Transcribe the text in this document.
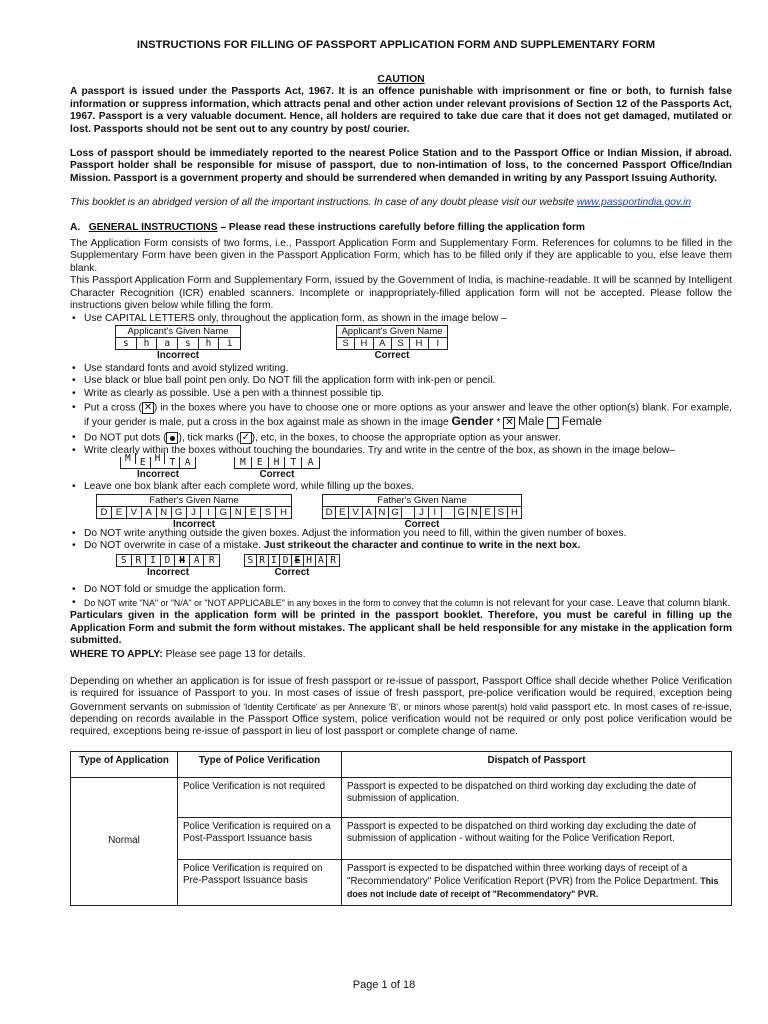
INSTRUCTIONS FOR FILLING OF PASSPORT APPLICATION FORM AND SUPPLEMENTARY FORM
CAUTION
A passport is issued under the Passports Act, 1967. It is an offence punishable with imprisonment or fine or both, to furnish false information or suppress information, which attracts penal and other action under relevant provisions of Section 12 of the Passports Act, 1967. Passport is a very valuable document. Hence, all holders are required to take due care that it does not get damaged, mutilated or lost. Passports should not be sent out to any country by post/ courier.
Loss of passport should be immediately reported to the nearest Police Station and to the Passport Office or Indian Mission, if abroad. Passport holder shall be responsible for misuse of passport, due to non-intimation of loss, to the concerned Passport Office/Indian Mission. Passport is a government property and should be surrendered when demanded in writing by any Passport Issuing Authority.
This booklet is an abridged version of all the important instructions. In case of any doubt please visit our website www.passportindia.gov.in
A. GENERAL INSTRUCTIONS – Please read these instructions carefully before filling the application form
The Application Form consists of two forms, i.e., Passport Application Form and Supplementary Form. References for columns to be filled in the Supplementary Form have been given in the Passport Application Form, which has to be filled only if they are applicable to you, else leave them blank.
This Passport Application Form and Supplementary Form, issued by the Government of India, is machine-readable. It will be scanned by Intelligent Character Recognition (ICR) enabled scanners. Incomplete or inappropriately-filled application form will not be accepted. Please follow the instructions given below while filling the form.
• Use CAPITAL LETTERS only, throughout the application form, as shown in the image below –
Applicant's Given Name
s	h	a	s	h	i
Incorrect
Applicant's Given Name
S	H	A	S	H	I
Correct
• Use standard fonts and avoid stylized writing.
• Use black or blue ball point pen only. Do NOT fill the application form with ink-pen or pencil.
• Write as clearly as possible. Use a pen with a thinnest possible tip.
• Put a cross ( ✕ ) in the boxes where you have to choose one or more options as your answer and leave the other option(s) blank. For example, if your gender is male, put a cross in the box against male as shown in the image Gender * ✕ Male Female
• Do NOT put dots ( ), tick marks ( ✓ ), etc, in the boxes, to choose the appropriate option as your answer.
• Write clearly within the boxes without touching the boundaries. Try and write in the centre of the box, as shown in the image below–
M E H T	A
Incorrect
M	E	H	T	A
Correct
• Leave one box blank after each complete word, while filling up the boxes.
Father's Given Name
D E V A N G J	I	G N E S H
Incorrect
Father's Given Name
D E V A N G	J	I	G N E S H
Correct
• Do NOT write anything outside the given boxes. Adjust the information you need to fill, within the given number of boxes.
• Do NOT overwrite in case of a mistake. Just strikeout the character and continue to write in the next box.
S R I D H A R
Incorrect
S R I D E H A R
Correct
• Do NOT fold or smudge the application form.
• Do NOT write "NA" or "N/A" or "NOT APPLICABLE" in any boxes in the form to convey that the column is not relevant for your case. Leave that column blank.
Particulars given in the application form will be printed in the passport booklet. Therefore, you must be careful in filling up the Application Form and submit the form without mistakes. The applicant shall be held responsible for any mistake in the application form submitted.
WHERE TO APPLY: Please see page 13 for details.
Depending on whether an application is for issue of fresh passport or re-issue of passport, Passport Office shall decide whether Police Verification is required for issuance of Passport to you. In most cases of issue of fresh passport, pre-police verification would be required, exception being Government servants on submission of 'Identity Certificate' as per Annexure 'B', or minors whose parent(s) hold valid passport etc. In most cases of re-issue, depending on records available in the Passport Office system, police verification would not be required or only post police verification would be required, exceptions being re-issue of passport in lieu of lost passport or complete change of name.
Type of Application	Type of Police Verification	Dispatch of Passport
Normal	Police Verification is not required	Passport is expected to be dispatched on third working day excluding the date of submission of application.
	Police Verification is required on a Post-Passport Issuance basis	Passport is expected to be dispatched on third working day excluding the date of submission of application - without waiting for the Police Verification Report.
	Police Verification is required on Pre-Passport Issuance basis	Passport is expected to be dispatched within three working days of receipt of a "Recommendatory" Police Verification Report (PVR) from the Police Department. This does not include date of receipt of "Recommendatory" PVR.
Page 1 of 18
